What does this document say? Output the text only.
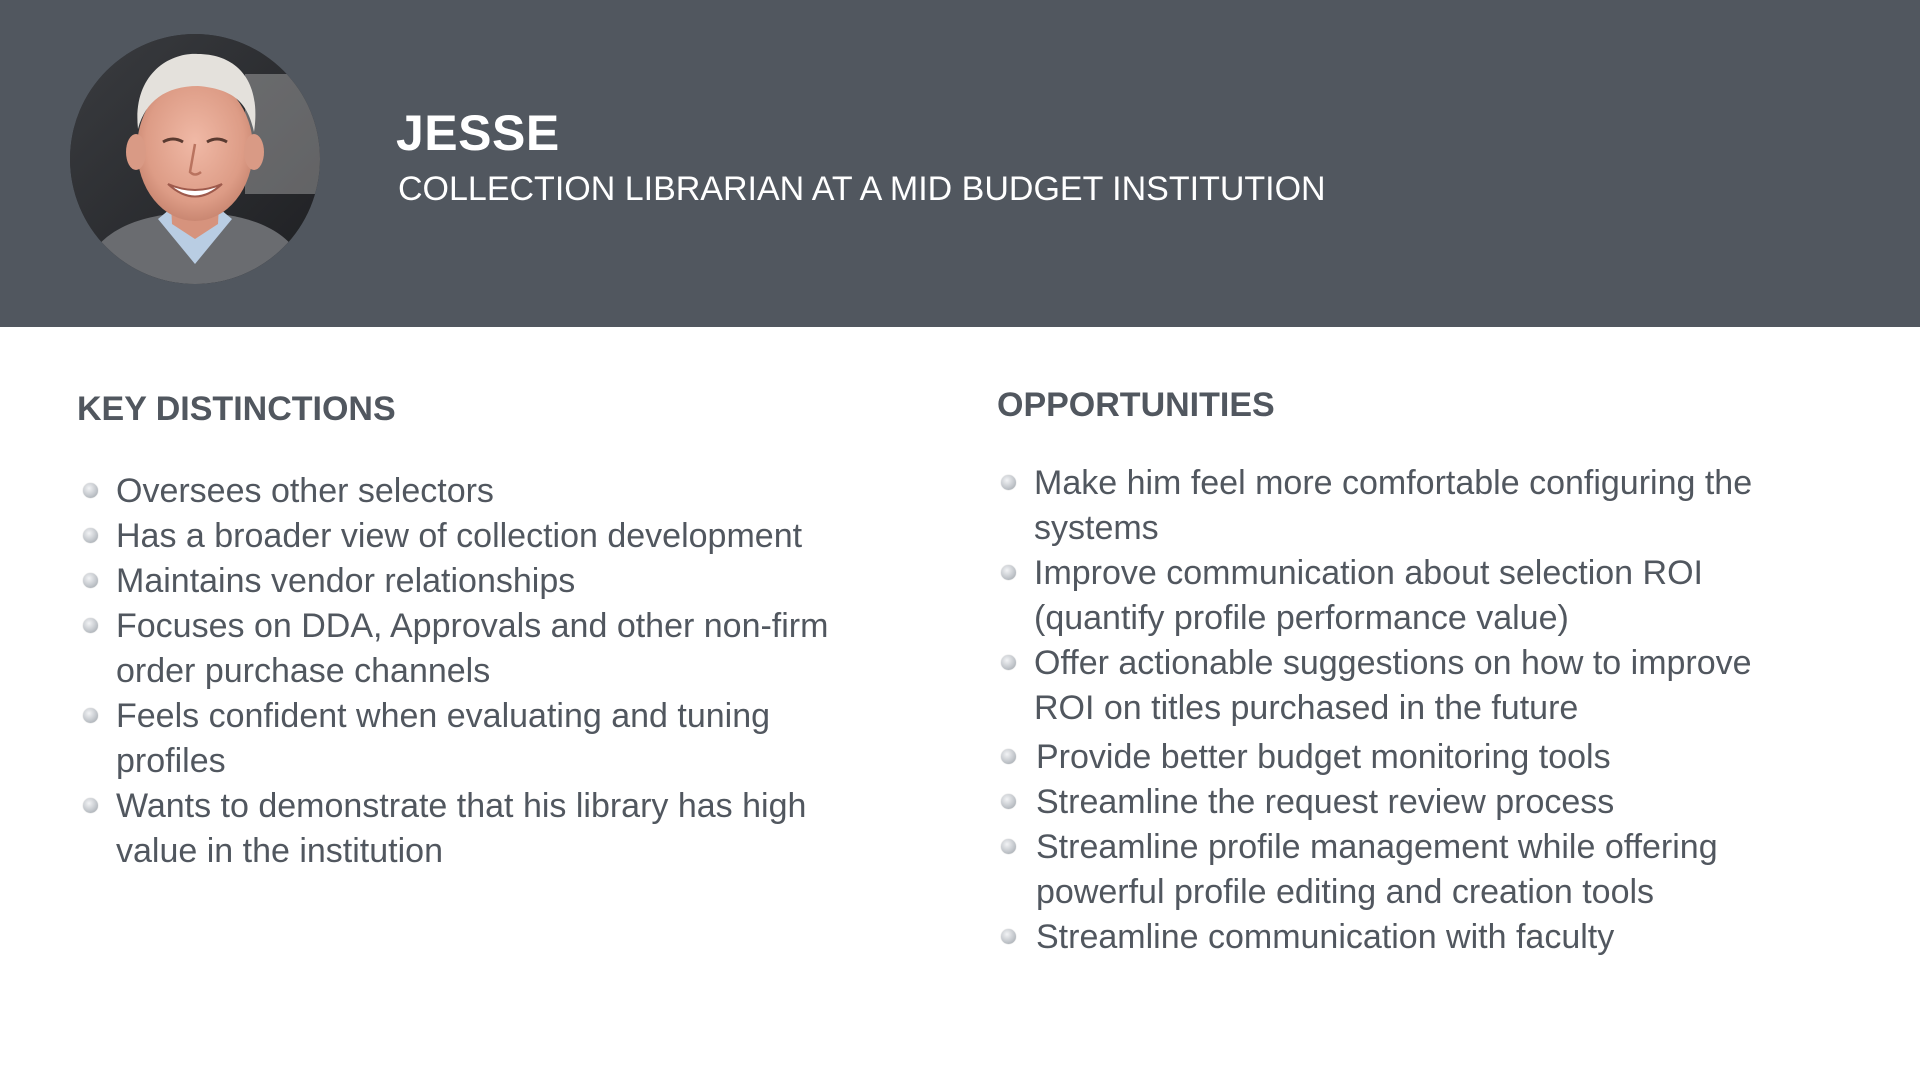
JESSE
COLLECTION LIBRARIAN AT A MID BUDGET INSTITUTION
KEY DISTINCTIONS
Oversees other selectors
Has a broader view of collection development
Maintains vendor relationships
Focuses on DDA, Approvals and other non-firm order purchase channels
Feels confident when evaluating and tuning profiles
Wants to demonstrate that his library has high value in the institution
OPPORTUNITIES
Make him feel more comfortable configuring the systems
Improve communication about selection ROI (quantify profile performance value)
Offer actionable suggestions on how to improve ROI on titles purchased in the future
Provide better budget monitoring tools
Streamline the request review process
Streamline profile management while offering powerful profile editing and creation tools
Streamline communication with faculty
